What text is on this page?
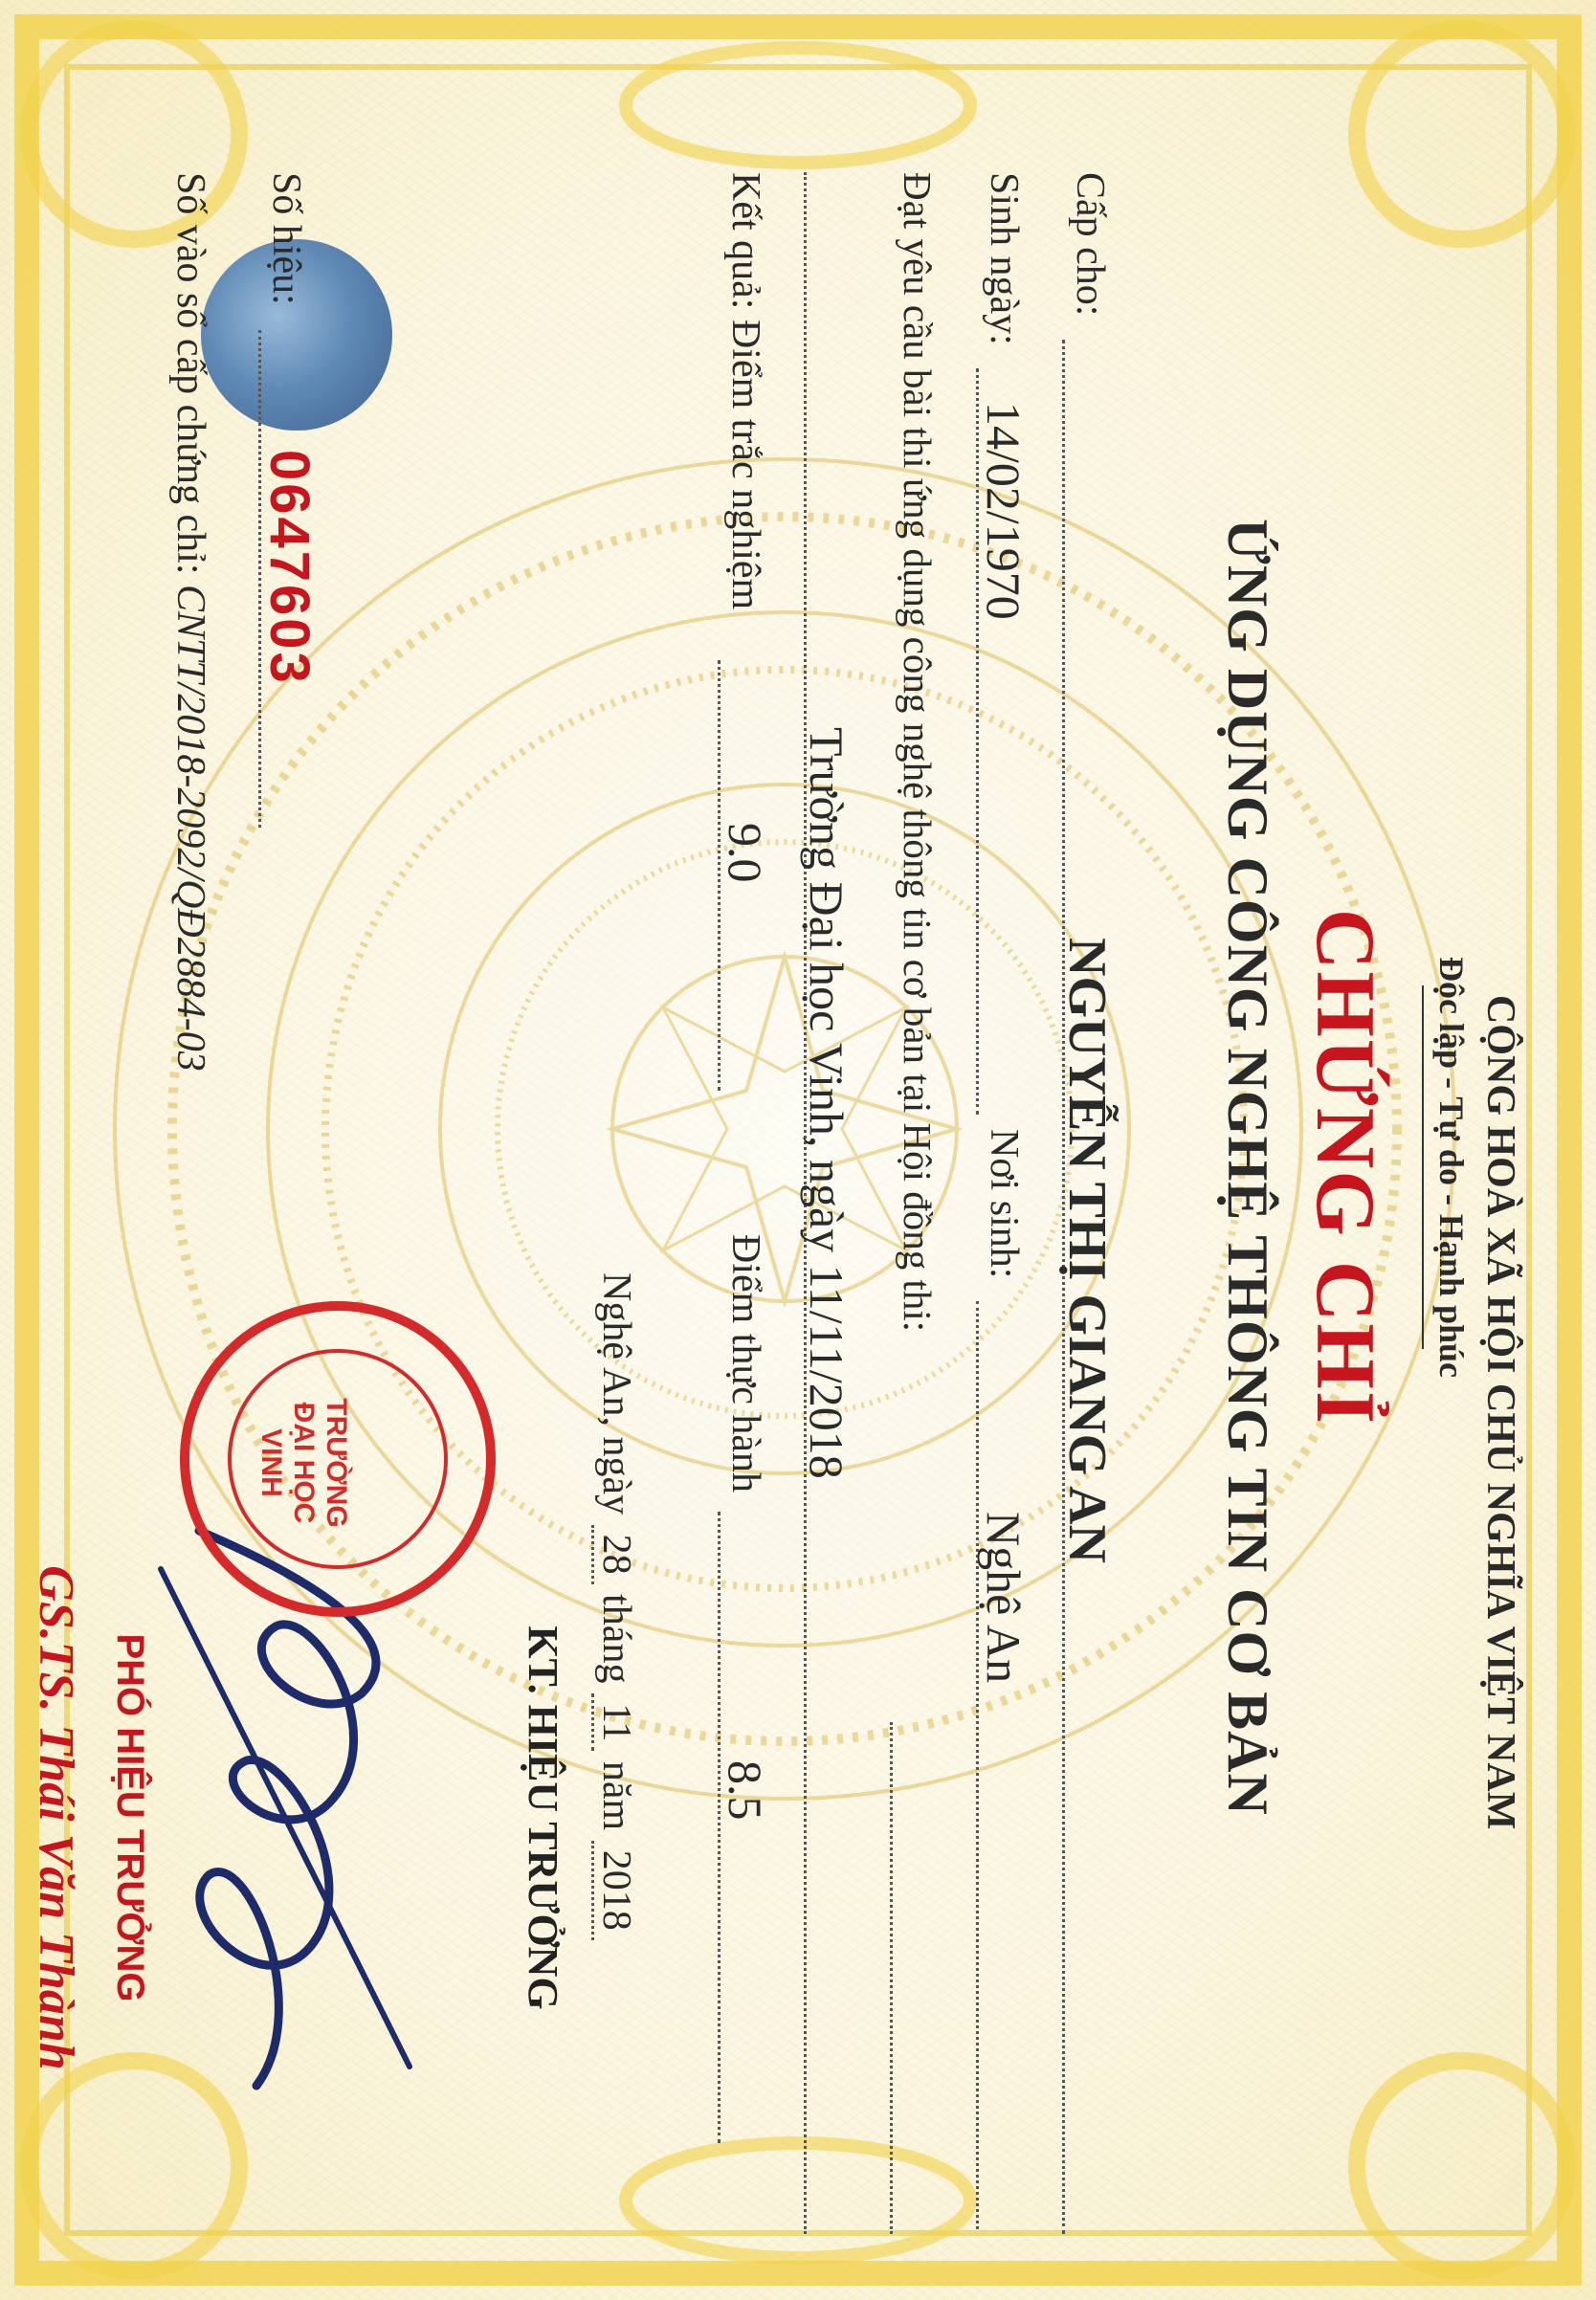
CỘNG HOÀ XÃ HỘI CHỦ NGHĨA VIỆT NAM
Độc lập - Tự do - Hạnh phúc
CHỨNG CHỈ
ỨNG DỤNG CÔNG NGHỆ THÔNG TIN CƠ BẢN
Cấp cho:
NGUYỄN THỊ GIANG AN
Sinh ngày:
14/02/1970
Nơi sinh:
Nghệ An
Đạt yêu cầu bài thi ứng dụng công nghệ thông tin cơ bản tại Hội đồng thi:
Trường Đại học Vinh, ngày 11/11/2018
Kết quả: Điểm trắc nghiệm
9.0
Điểm thực hành
8.5
Nghệ An, ngày 28 tháng 11 năm 2018
KT. HIỆU TRƯỞNG
PHÓ HIỆU TRƯỞNG
GS.TS. Thái Văn Thành
TRƯỜNG
ĐẠI HỌC
VINH
Số hiệu:
0647603
Số vào sổ cấp chứng chỉ: CNTT/2018-2092/QĐ2884-03
